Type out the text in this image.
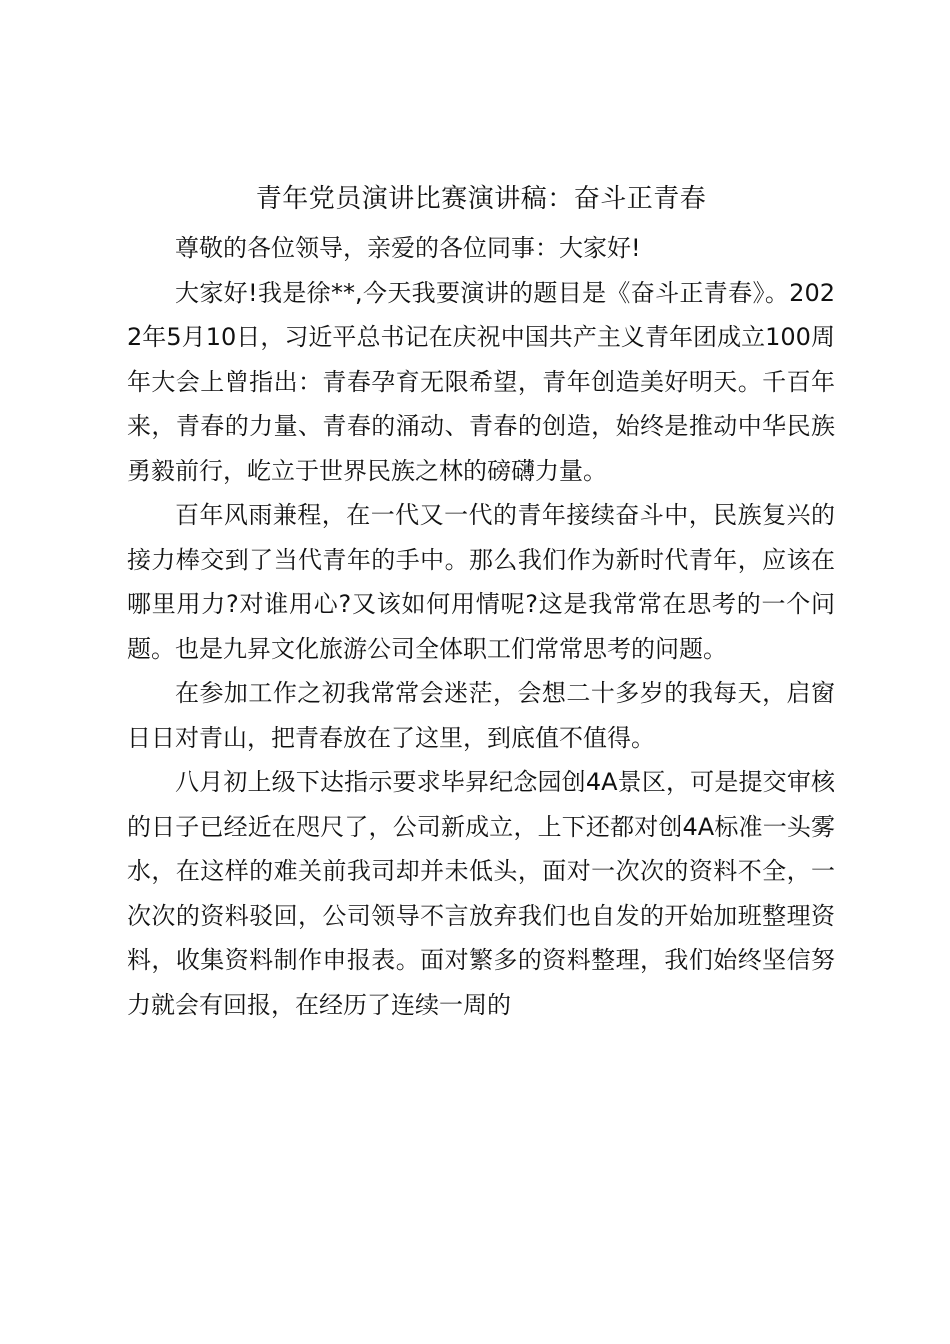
青年党员演讲比赛演讲稿：奋斗正青春

尊敬的各位领导，亲爱的各位同事：大家好!

大家好!我是徐**,今天我要演讲的题目是《奋斗正青春》。2022年5月10日，习近平总书记在庆祝中国共产主义青年团成立100周年大会上曾指出：青春孕育无限希望，青年创造美好明天。千百年来，青春的力量、青春的涌动、青春的创造，始终是推动中华民族勇毅前行，屹立于世界民族之林的磅礴力量。

百年风雨兼程，在一代又一代的青年接续奋斗中，民族复兴的接力棒交到了当代青年的手中。那么我们作为新时代青年，应该在哪里用力?对谁用心?又该如何用情呢?这是我常常在思考的一个问题。也是九昇文化旅游公司全体职工们常常思考的问题。

在参加工作之初我常常会迷茫，会想二十多岁的我每天，启窗日日对青山，把青春放在了这里，到底值不值得。

八月初上级下达指示要求毕昇纪念园创4A景区，可是提交审核的日子已经近在咫尺了，公司新成立，上下还都对创4A标准一头雾水，在这样的难关前我司却并未低头，面对一次次的资料不全，一次次的资料驳回，公司领导不言放弃我们也自发的开始加班整理资料，收集资料制作申报表。面对繁多的资料整理，我们始终坚信努力就会有回报，在经历了连续一周的
